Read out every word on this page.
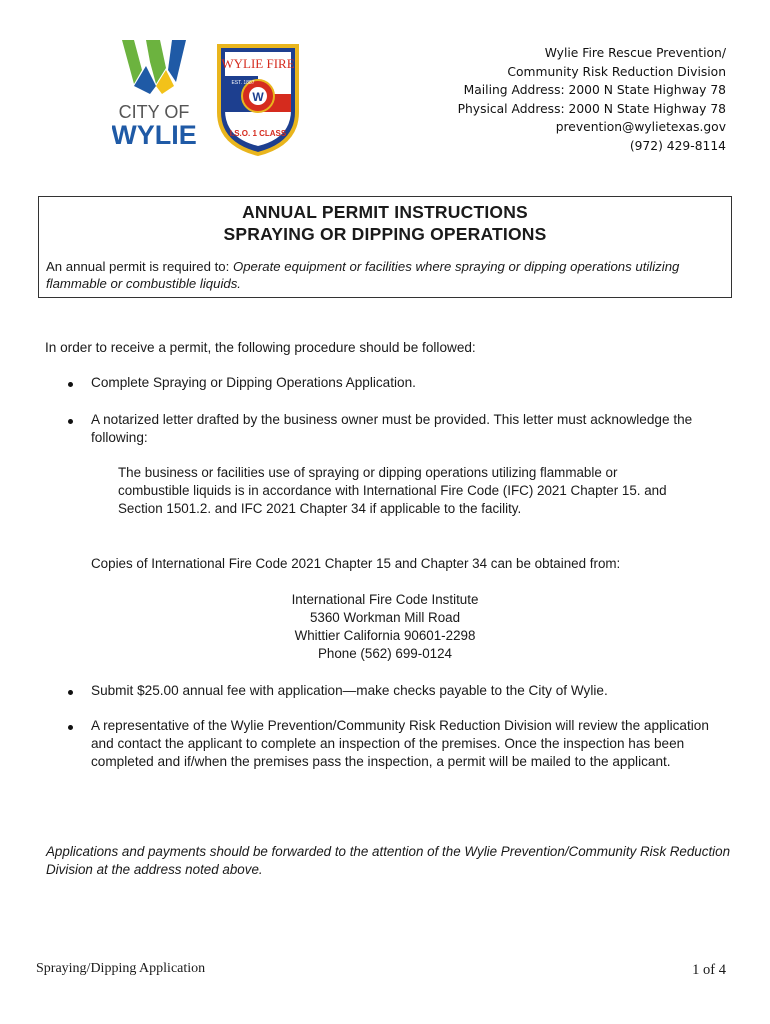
CITY OF
WYLIE
W
WYLIE FIRE
I.S.O. 1 CLASS
EST. 1887
Wylie Fire Rescue Prevention/
Community Risk Reduction Division
Mailing Address: 2000 N State Highway 78
Physical Address: 2000 N State Highway 78
prevention@wylietexas.gov
(972) 429-8114
ANNUAL PERMIT INSTRUCTIONS
SPRAYING OR DIPPING OPERATIONS
An annual permit is required to: Operate equipment or facilities where spraying or dipping operations utilizing flammable or combustible liquids.
In order to receive a permit, the following procedure should be followed:
Complete Spraying or Dipping Operations Application.
A notarized letter drafted by the business owner must be provided. This letter must acknowledge the following:
The business or facilities use of spraying or dipping operations utilizing flammable or combustible liquids is in accordance with International Fire Code (IFC) 2021 Chapter 15. and Section 1501.2. and IFC 2021 Chapter 34 if applicable to the facility.
Copies of International Fire Code 2021 Chapter 15 and Chapter 34 can be obtained from:
International Fire Code Institute
5360 Workman Mill Road
Whittier California 90601-2298
Phone (562) 699-0124
Submit $25.00 annual fee with application—make checks payable to the City of Wylie.
A representative of the Wylie Prevention/Community Risk Reduction Division will review the application and contact the applicant to complete an inspection of the premises. Once the inspection has been completed and if/when the premises pass the inspection, a permit will be mailed to the applicant.
Applications and payments should be forwarded to the attention of the Wylie Prevention/Community Risk Reduction Division at the address noted above.
Spraying/Dipping Application	1 of 4
